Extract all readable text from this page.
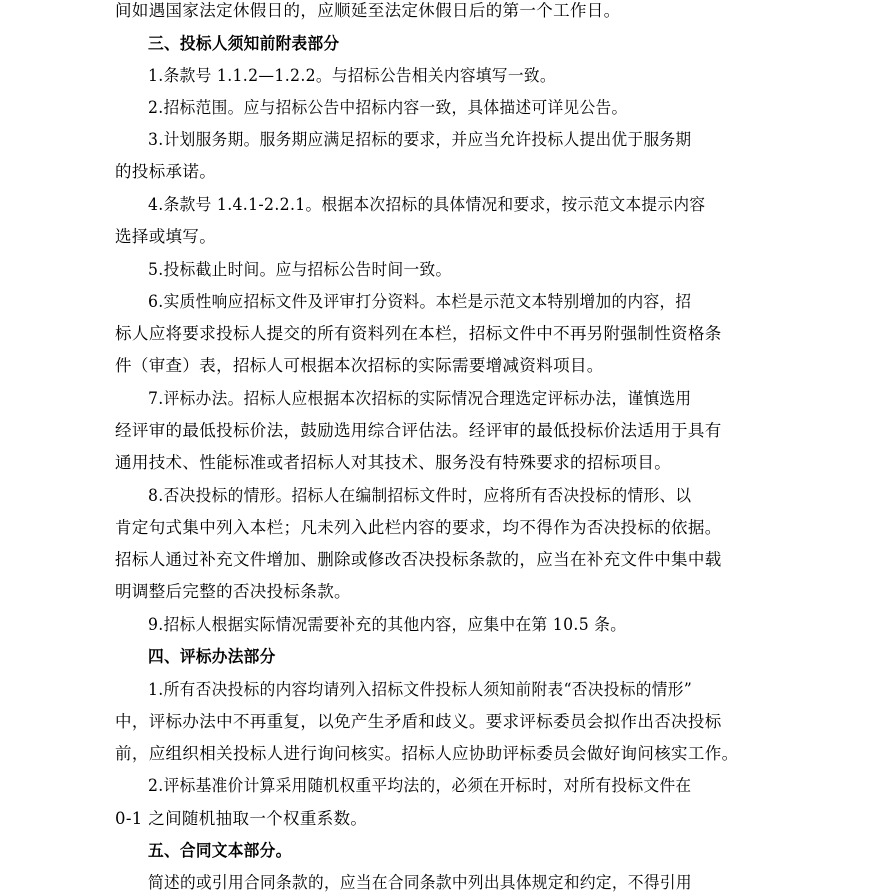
间如遇国家法定休假日的，应顺延至法定休假日后的第一个工作日。
三、投标人须知前附表部分
1.条款号 1.1.2—1.2.2。与招标公告相关内容填写一致。
2.招标范围。应与招标公告中招标内容一致，具体描述可详见公告。
3.计划服务期。服务期应满足招标的要求，并应当允许投标人提出优于服务期
的投标承诺。
4.条款号 1.4.1-2.2.1。根据本次招标的具体情况和要求，按示范文本提示内容
选择或填写。
5.投标截止时间。应与招标公告时间一致。
6.实质性响应招标文件及评审打分资料。本栏是示范文本特别增加的内容，招
标人应将要求投标人提交的所有资料列在本栏，招标文件中不再另附强制性资格条
件（审查）表，招标人可根据本次招标的实际需要增减资料项目。
7.评标办法。招标人应根据本次招标的实际情况合理选定评标办法，谨慎选用
经评审的最低投标价法，鼓励选用综合评估法。经评审的最低投标价法适用于具有
通用技术、性能标准或者招标人对其技术、服务没有特殊要求的招标项目。
8.否决投标的情形。招标人在编制招标文件时，应将所有否决投标的情形、以
肯定句式集中列入本栏；凡未列入此栏内容的要求，均不得作为否决投标的依据。
招标人通过补充文件增加、删除或修改否决投标条款的，应当在补充文件中集中载
明调整后完整的否决投标条款。
9.招标人根据实际情况需要补充的其他内容，应集中在第 10.5 条。
四、评标办法部分
1.所有否决投标的内容均请列入招标文件投标人须知前附表“否决投标的情形”
中，评标办法中不再重复，以免产生矛盾和歧义。要求评标委员会拟作出否决投标
前，应组织相关投标人进行询问核实。招标人应协助评标委员会做好询问核实工作。
2.评标基准价计算采用随机权重平均法的，必须在开标时，对所有投标文件在
0-1 之间随机抽取一个权重系数。
五、合同文本部分。
简述的或引用合同条款的，应当在合同条款中列出具体规定和约定，不得引用
